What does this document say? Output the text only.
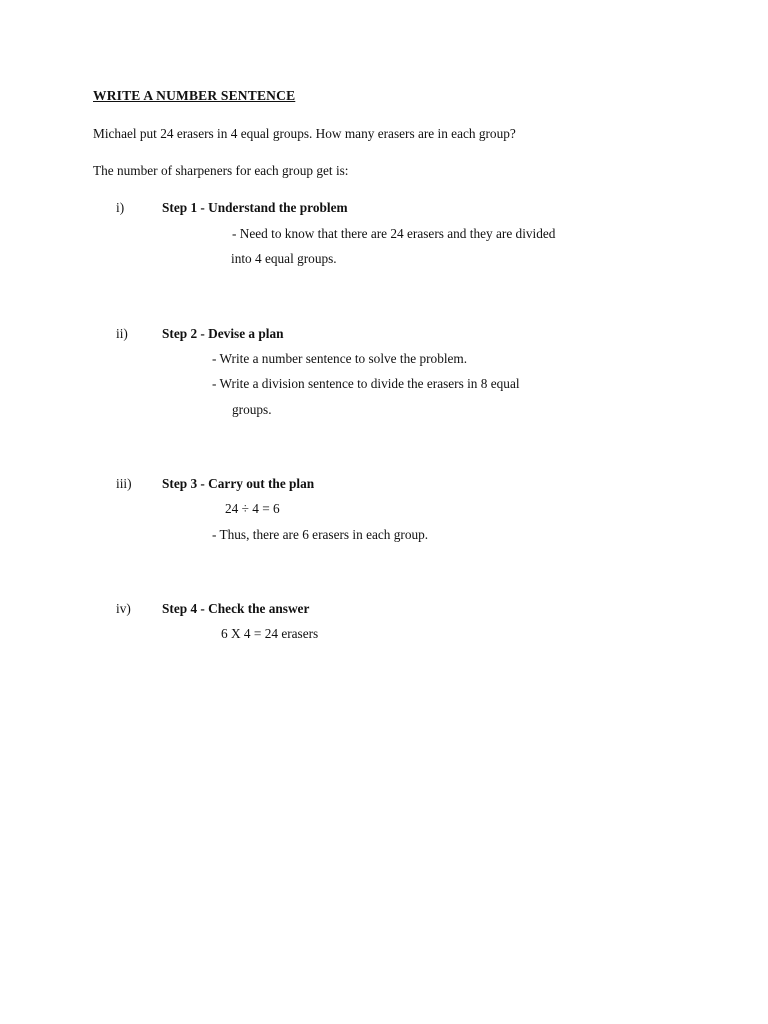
WRITE A NUMBER SENTENCE
Michael put 24 erasers in 4 equal groups. How many erasers are in each group?
The number of sharpeners for each group get is:
i)	Step 1 - Understand the problem
- Need to know that there are 24 erasers and they are divided
into 4 equal groups.
ii)	Step 2 - Devise a plan
- Write a number sentence to solve the problem.
- Write a division sentence to divide the erasers in 8 equal
groups.
iii) Step 3 - Carry out the plan
24 ÷ 4 = 6
- Thus, there are 6 erasers in each group.
iv) Step 4 - Check the answer
6 X 4 = 24 erasers
